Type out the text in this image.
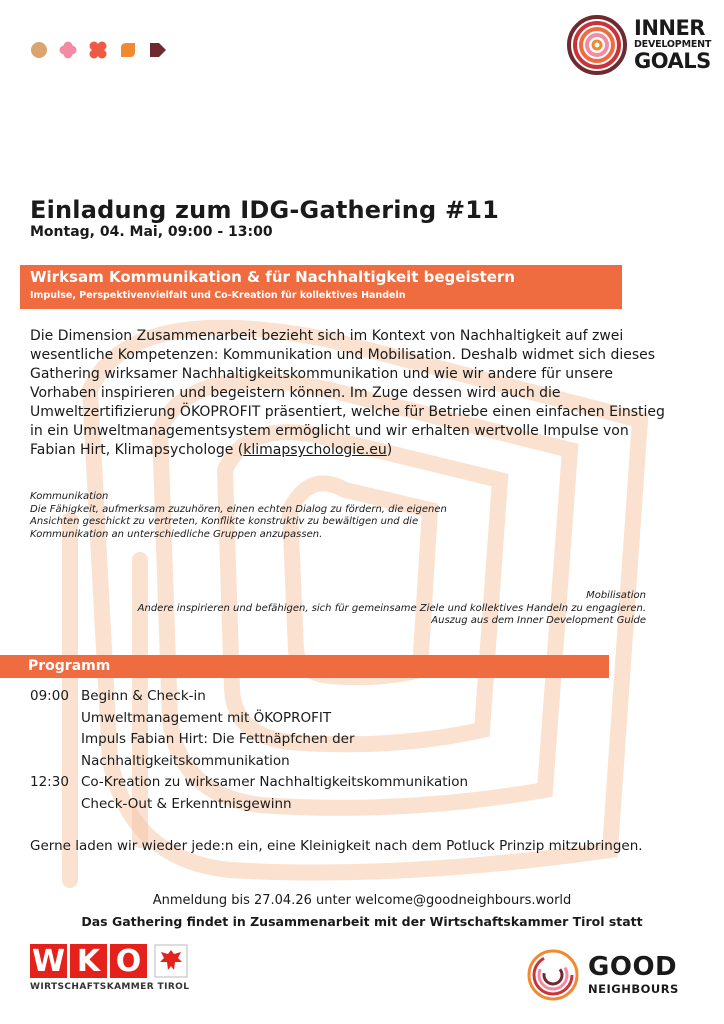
INNER
DEVELOPMENT
GOALS
Einladung zum IDG-Gathering #11
Montag, 04. Mai, 09:00 - 13:00
Wirksam Kommunikation & für Nachhaltigkeit begeistern
Impulse, Perspektivenvielfalt und Co-Kreation für kollektives Handeln

Die Dimension Zusammenarbeit bezieht sich im Kontext von Nachhaltigkeit auf zwei wesentliche Kompetenzen: Kommunikation und Mobilisation. Deshalb widmet sich dieses Gathering wirksamer Nachhaltigkeitskommunikation und wie wir andere für unsere Vorhaben inspirieren und begeistern können. Im Zuge dessen wird auch die Umweltzertifizierung ÖKOPROFIT präsentiert, welche für Betriebe einen einfachen Einstieg in ein Umweltmanagementsystem ermöglicht und wir erhalten wertvolle Impulse von Fabian Hirt, Klimapsychologe (klimapsychologie.eu)

Kommunikation
Die Fähigkeit, aufmerksam zuzuhören, einen echten Dialog zu fördern, die eigenen Ansichten geschickt zu vertreten, Konflikte konstruktiv zu bewältigen und die Kommunikation an unterschiedliche Gruppen anzupassen.
Mobilisation
Andere inspirieren und befähigen, sich für gemeinsame Ziele und kollektives Handeln zu engagieren.
Auszug aus dem Inner Development Guide
Programm
09:00 Beginn & Check-in
Umweltmanagement mit ÖKOPROFIT
Impuls Fabian Hirt: Die Fettnäpfchen der Nachhaltigkeitskommunikation
12:30 Co-Kreation zu wirksamer Nachhaltigkeitskommunikation
Check-Out & Erkenntnisgewinn

Gerne laden wir wieder jede:n ein, eine Kleinigkeit nach dem Potluck Prinzip mitzubringen.

Anmeldung bis 27.04.26 unter welcome@goodneighbours.world
Das Gathering findet in Zusammenarbeit mit der Wirtschaftskammer Tirol statt
W K O
WIRTSCHAFTSKAMMER TIROL
GOOD
NEIGHBOURS
